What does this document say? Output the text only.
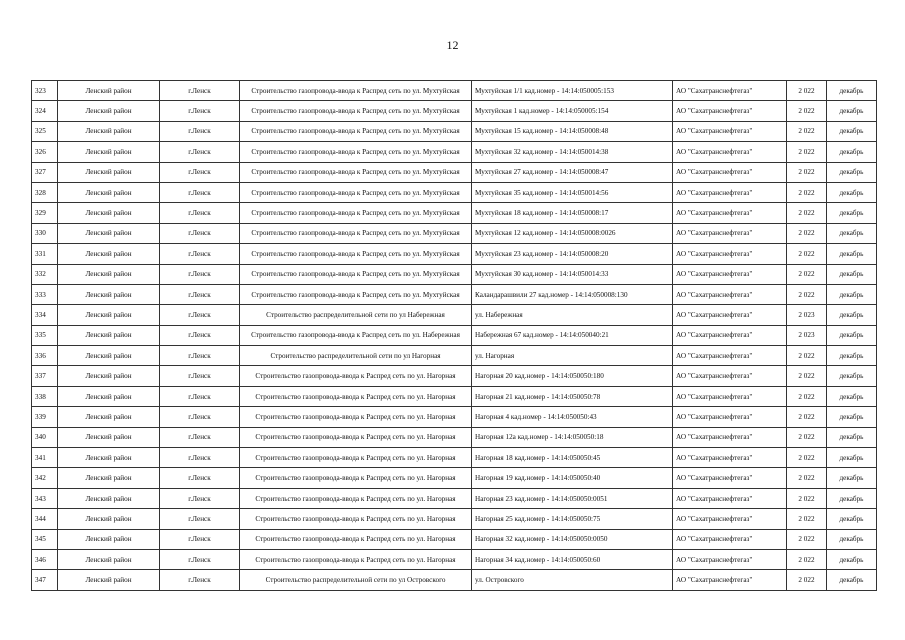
12
323	Ленский район	г.Ленск	Строительство газопровода-ввода к Распред сеть по ул. Мухтуйская	Мухтуйская 1/1 кад.номер - 14:14:050005:153	АО "Сахатранснефтегаз"	2 022	декабрь
324	Ленский район	г.Ленск	Строительство газопровода-ввода к Распред сеть по ул. Мухтуйская	Мухтуйская 1 кад.номер - 14:14:050005:154	АО "Сахатранснефтегаз"	2 022	декабрь
325	Ленский район	г.Ленск	Строительство газопровода-ввода к Распред сеть по ул. Мухтуйская	Мухтуйская 15 кад.номер - 14:14:050008:48	АО "Сахатранснефтегаз"	2 022	декабрь
326	Ленский район	г.Ленск	Строительство газопровода-ввода к Распред сеть по ул. Мухтуйская	Мухтуйская 32 кад.номер - 14:14:050014:38	АО "Сахатранснефтегаз"	2 022	декабрь
327	Ленский район	г.Ленск	Строительство газопровода-ввода к Распред сеть по ул. Мухтуйская	Мухтуйская 27 кад.номер - 14:14:050008:47	АО "Сахатранснефтегаз"	2 022	декабрь
328	Ленский район	г.Ленск	Строительство газопровода-ввода к Распред сеть по ул. Мухтуйская	Мухтуйская 35 кад.номер - 14:14:050014:56	АО "Сахатранснефтегаз"	2 022	декабрь
329	Ленский район	г.Ленск	Строительство газопровода-ввода к Распред сеть по ул. Мухтуйская	Мухтуйская 18 кад.номер - 14:14:050008:17	АО "Сахатранснефтегаз"	2 022	декабрь
330	Ленский район	г.Ленск	Строительство газопровода-ввода к Распред сеть по ул. Мухтуйская	Мухтуйская 12 кад.номер - 14:14:050008:0026	АО "Сахатранснефтегаз"	2 022	декабрь
331	Ленский район	г.Ленск	Строительство газопровода-ввода к Распред сеть по ул. Мухтуйская	Мухтуйская 23 кад.номер - 14:14:050008:20	АО "Сахатранснефтегаз"	2 022	декабрь
332	Ленский район	г.Ленск	Строительство газопровода-ввода к Распред сеть по ул. Мухтуйская	Мухтуйская 30 кад.номер - 14:14:050014:33	АО "Сахатранснефтегаз"	2 022	декабрь
333	Ленский район	г.Ленск	Строительство газопровода-ввода к Распред сеть по ул. Мухтуйская	Каландарашвили 27 кад.номер - 14:14:050008:130	АО "Сахатранснефтегаз"	2 022	декабрь
334	Ленский район	г.Ленск	Строительство распределительной сети по ул Набережная	ул. Набережная	АО "Сахатранснефтегаз"	2 023	декабрь
335	Ленский район	г.Ленск	Строительство газопровода-ввода к Распред сеть по ул. Набережная	Набережная 67 кад.номер - 14:14:050040:21	АО "Сахатранснефтегаз"	2 023	декабрь
336	Ленский район	г.Ленск	Строительство распределительной сети по ул Нагорная	ул. Нагорная	АО "Сахатранснефтегаз"	2 022	декабрь
337	Ленский район	г.Ленск	Строительство газопровода-ввода к Распред сеть по ул. Нагорная	Нагорная 20 кад.номер - 14:14:050050:180	АО "Сахатранснефтегаз"	2 022	декабрь
338	Ленский район	г.Ленск	Строительство газопровода-ввода к Распред сеть по ул. Нагорная	Нагорная 21 кад.номер - 14:14:050050:78	АО "Сахатранснефтегаз"	2 022	декабрь
339	Ленский район	г.Ленск	Строительство газопровода-ввода к Распред сеть по ул. Нагорная	Нагорная 4 кад.номер - 14:14:050050:43	АО "Сахатранснефтегаз"	2 022	декабрь
340	Ленский район	г.Ленск	Строительство газопровода-ввода к Распред сеть по ул. Нагорная	Нагорная 12а кад.номер - 14:14:050050:18	АО "Сахатранснефтегаз"	2 022	декабрь
341	Ленский район	г.Ленск	Строительство газопровода-ввода к Распред сеть по ул. Нагорная	Нагорная 18 кад.номер - 14:14:050050:45	АО "Сахатранснефтегаз"	2 022	декабрь
342	Ленский район	г.Ленск	Строительство газопровода-ввода к Распред сеть по ул. Нагорная	Нагорная 19 кад.номер - 14:14:050050:40	АО "Сахатранснефтегаз"	2 022	декабрь
343	Ленский район	г.Ленск	Строительство газопровода-ввода к Распред сеть по ул. Нагорная	Нагорная 23 кад.номер - 14:14:050050:0051	АО "Сахатранснефтегаз"	2 022	декабрь
344	Ленский район	г.Ленск	Строительство газопровода-ввода к Распред сеть по ул. Нагорная	Нагорная 25 кад.номер - 14:14:050050:75	АО "Сахатранснефтегаз"	2 022	декабрь
345	Ленский район	г.Ленск	Строительство газопровода-ввода к Распред сеть по ул. Нагорная	Нагорная 32 кад.номер - 14:14:050050:0050	АО "Сахатранснефтегаз"	2 022	декабрь
346	Ленский район	г.Ленск	Строительство газопровода-ввода к Распред сеть по ул. Нагорная	Нагорная 34 кад.номер - 14:14:050050:60	АО "Сахатранснефтегаз"	2 022	декабрь
347	Ленский район	г.Ленск	Строительство распределительной сети по ул Островского	ул. Островского	АО "Сахатранснефтегаз"	2 022	декабрь
